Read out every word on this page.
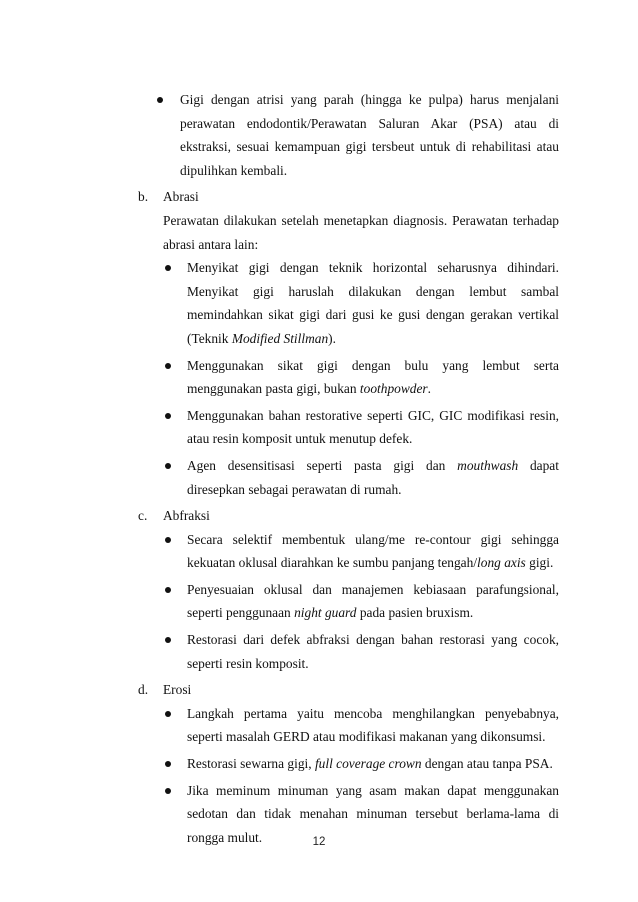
Gigi dengan atrisi yang parah (hingga ke pulpa) harus menjalani perawatan endodontik/Perawatan Saluran Akar (PSA) atau di ekstraksi, sesuai kemampuan gigi tersbeut untuk di rehabilitasi atau dipulihkan kembali.
b. Abrasi
Perawatan dilakukan setelah menetapkan diagnosis. Perawatan terhadap abrasi antara lain:
Menyikat gigi dengan teknik horizontal seharusnya dihindari. Menyikat gigi haruslah dilakukan dengan lembut sambal memindahkan sikat gigi dari gusi ke gusi dengan gerakan vertikal (Teknik Modified Stillman).
Menggunakan sikat gigi dengan bulu yang lembut serta menggunakan pasta gigi, bukan toothpowder.
Menggunakan bahan restorative seperti GIC, GIC modifikasi resin, atau resin komposit untuk menutup defek.
Agen desensitisasi seperti pasta gigi dan mouthwash dapat diresepkan sebagai perawatan di rumah.
c. Abfraksi
Secara selektif membentuk ulang/me re-contour gigi sehingga kekuatan oklusal diarahkan ke sumbu panjang tengah/long axis gigi.
Penyesuaian oklusal dan manajemen kebiasaan parafungsional, seperti penggunaan night guard pada pasien bruxism.
Restorasi dari defek abfraksi dengan bahan restorasi yang cocok, seperti resin komposit.
d. Erosi
Langkah pertama yaitu mencoba menghilangkan penyebabnya, seperti masalah GERD atau modifikasi makanan yang dikonsumsi.
Restorasi sewarna gigi, full coverage crown dengan atau tanpa PSA.
Jika meminum minuman yang asam makan dapat menggunakan sedotan dan tidak menahan minuman tersebut berlama-lama di rongga mulut.	12
